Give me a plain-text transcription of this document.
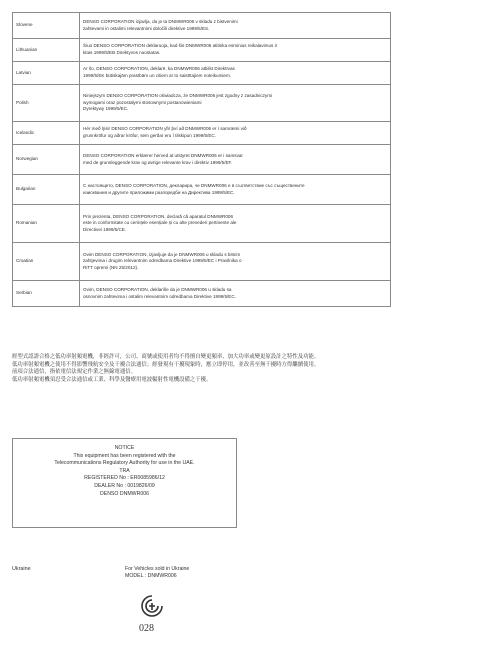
Slovene	DENSO CORPORATION izjavlja, da je ta DNMWR006 v skladu z bistvenimi
zahtevami in ostalimi relevantnimi določili direktive 1999/5/ES.

Lithuanian	Šiuo DENSO CORPORATION deklaruoja, kad šis DNMWR006 atitinka esminius reikalavimus ir
kitas 1999/5/EB Direktyvos nuostatas.

Latvian	Ar šo, DENSO CORPORATION, deklarē, ka DNMWR006 atbilst Direktīvas
1999/5/EK būtiskajām prasībām un citiem ar to saistītajiem noteikumiem.

Polish	Niniejszym DENSO CORPORATION oświadcza, że DNMWR006 jest zgodny z zasadniczymi
wymogami oraz pozostałymi stosownymi postanowieniami
Dyrektywy 1999/5/EC.

Icelandic	Hér með lýsir DENSO CORPORATION yfir því að DNMWR006 er í samræmi við
grunnkröfur og aðrar kröfur, sem gerðar eru í tilskipun 1999/5/EC.

Norwegian	DENSO CORPORATION erklærer herved at utstyret DNMWR006 er i samsvar
med de grunnleggende krav og øvrige relevante krav i direktiv 1999/5/EF.

Bulgarian	С настоящето, DENSO CORPORATION, декларира, че DNMWR006 е в съответствие със съществените
изисквания и другите приложими разпоредби на Директива 1999/5/ЕС.

Romanian	Prin prezenta, DENSO CORPORATION, declară că aparatul DNMWR006
este in conformitate cu cerințele esențiale și cu alte prevederi pertinente ale
Directivei 1999/5/CE.

Croatian	Ovim DENSO CORPORATION, izjavljuje da je DNMWR006 u skladu s bitnim
zahtjevima i drugim relevantnim odredbama Direktive 1999/5/EC i Pravilnika o
RiTT opremi (NN 25/2012).

Serbian	Ovim, DENSO CORPORATION, deklariše da je DNMWR006 u skladu sa
osnovnim zahtevima i ostalim relevantnim odredbama Direktive 1999/5/EC.
經型式認證合格之低功率射頻電機，非經許可，公司、商號或使用者均不得擅自變更頻率、加大功率或變更原設計之特性及功能。
低功率射頻電機之使用不得影響飛航安全及干擾合法通信；經發現有干擾現象時，應立即停用，並改善至無干擾時方得繼續使用。
前項合法通信，指依電信法規定作業之無線電通信。
低功率射頻電機須忍受合法通信或工業、科學及醫療用電波輻射性電機設備之干擾。
NOTICE
This equipment has been registered with the
Telecommunications Regulatory Authority for use in the UAE.
TRA
REGISTERED No : ER0085986/12
DEALER No : 0019826/09
DENSO DNMWR006
Ukraine	For Vehicles sold in Ukraine
MODEL : DNMWR006
028
